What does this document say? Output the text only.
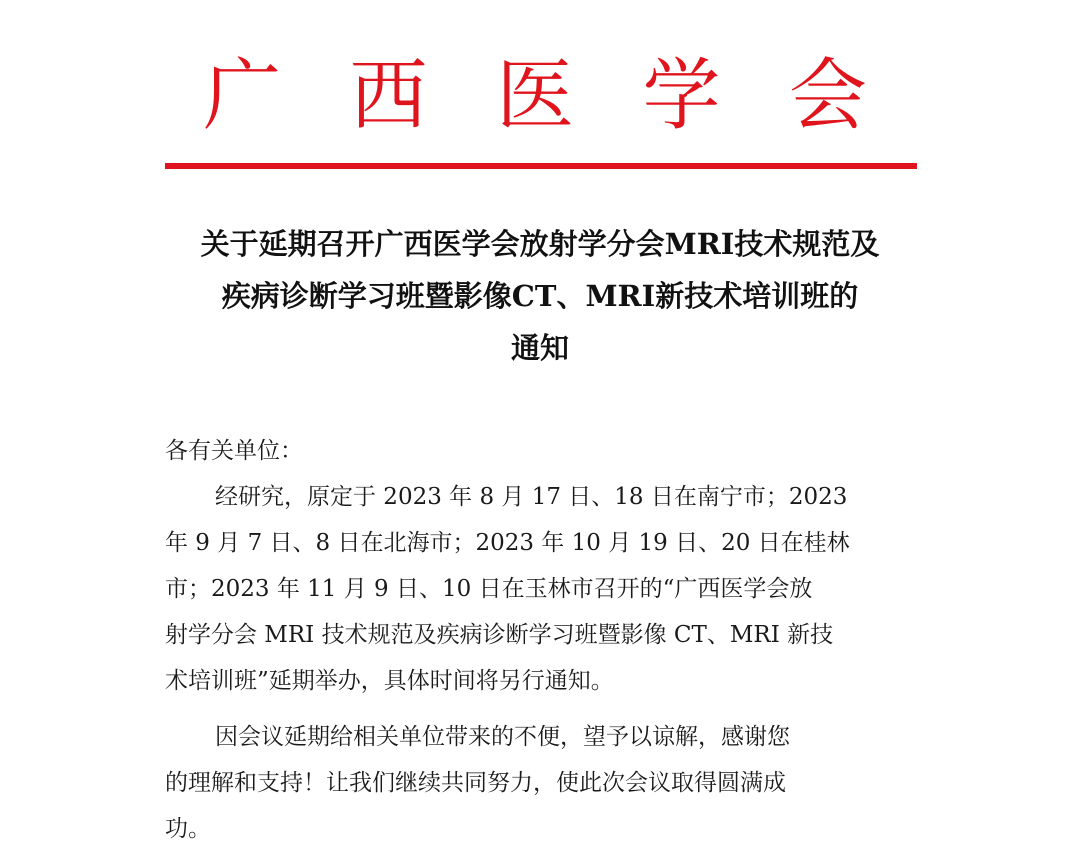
广 西 医 学 会
关于延期召开广西医学会放射学分会MRI技术规范及
疾病诊断学习班暨影像CT、MRI新技术培训班的
通知
各有关单位：
经研究，原定于 2023 年 8 月 17 日、18 日在南宁市；2023
年 9 月 7 日、8 日在北海市；2023 年 10 月 19 日、20 日在桂林
市；2023 年 11 月 9 日、10 日在玉林市召开的“广西医学会放
射学分会 MRI 技术规范及疾病诊断学习班暨影像 CT、MRI 新技
术培训班”延期举办，具体时间将另行通知。
因会议延期给相关单位带来的不便，望予以谅解，感谢您
的理解和支持！让我们继续共同努力，使此次会议取得圆满成
功。
